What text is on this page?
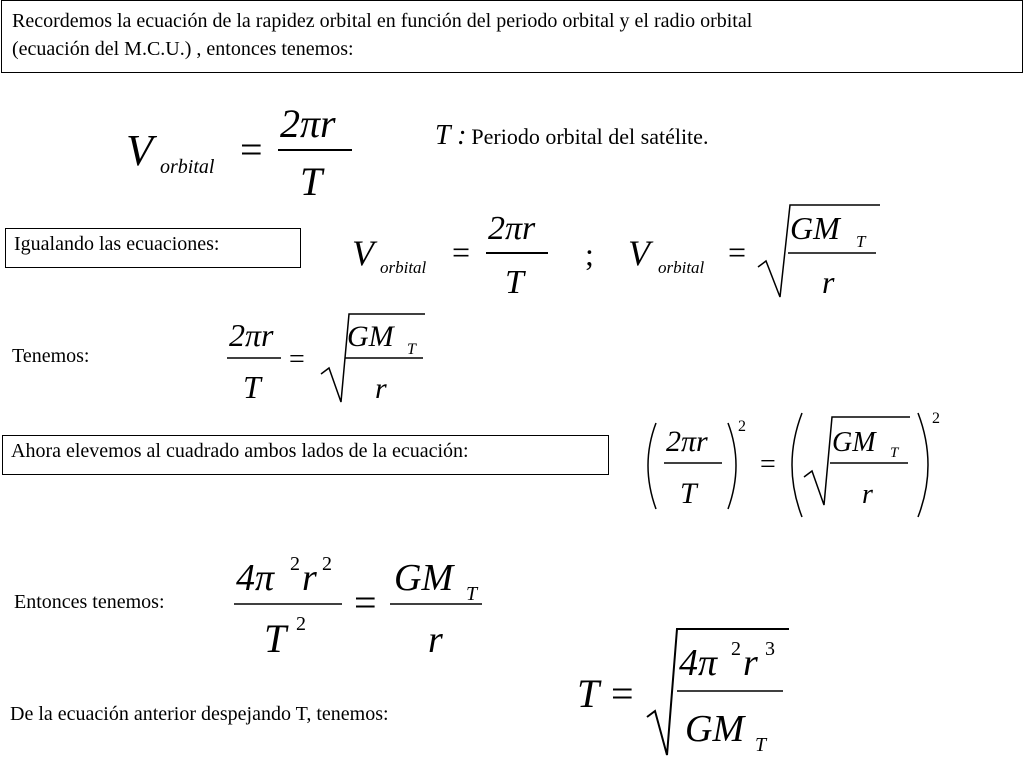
Recordemos la ecuación de la rapidez orbital en función del periodo orbital y el radio orbital
(ecuación del M.C.U.) , entonces tenemos:
V orbital =
2πr
T
T : Periodo orbital del satélite.
Igualando las ecuaciones:	V orbital =
2πr
T
; V orbital =
GM T
r
Tenemos:
2πr
T
=
GM T
r
Ahora elevemos al cuadrado ambos lados de la ecuación:	2πr
T
2
=
GM T
r
2
Entonces tenemos:
4π 2 r 2
T 2 =
GM T
r
De la ecuación anterior despejando T, tenemos:	T =
4π 2 r 3
GM T
